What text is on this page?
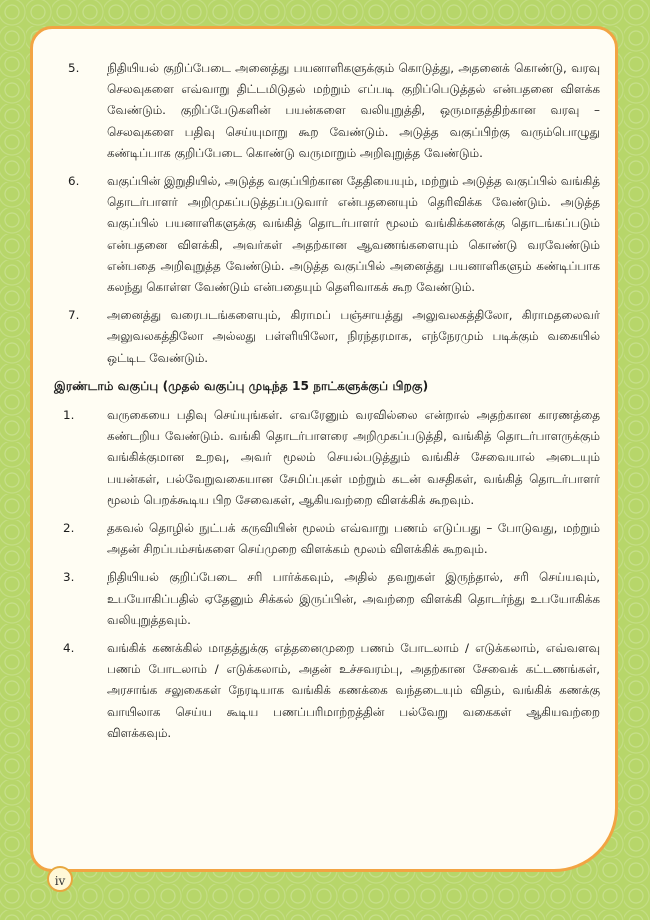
5. நிதியியல் குறிப்பேடை அனைத்து பயனாளிகளுக்கும் கொடுத்து, அதனைக் கொண்டு, வரவு செலவுகளை எவ்வாறு திட்டமிடுதல் மற்றும் எப்படி குறிப்பெடுத்தல் என்பதனை விளக்க வேண்டும். குறிப்பேடுகளின் பயன்களை வலியுறுத்தி, ஒருமாதத்திற்கான வரவு – செலவுகளை பதிவு செய்யுமாறு கூற வேண்டும். அடுத்த வகுப்பிற்கு வரும்பொழுது கண்டிப்பாக குறிப்பேடை கொண்டு வருமாறும் அறிவுறுத்த வேண்டும்.
6. வகுப்பின் இறுதியில், அடுத்த வகுப்பிற்கான தேதியையும், மற்றும் அடுத்த வகுப்பில் வங்கித் தொடர்பாளர் அறிமுகப்படுத்தப்படுவார் என்பதனையும் தெரிவிக்க வேண்டும். அடுத்த வகுப்பில் பயனாளிகளுக்கு வங்கித் தொடர்பாளர் மூலம் வங்கிக்கணக்கு தொடங்கப்படும் என்பதனை விளக்கி, அவர்கள் அதற்கான ஆவணங்களையும் கொண்டு வரவேண்டும் என்பதை அறிவுறுத்த வேண்டும். அடுத்த வகுப்பில் அனைத்து பயனாளிகளும் கண்டிப்பாக கலந்து கொள்ள வேண்டும் என்பதையும் தெளிவாகக் கூற வேண்டும்.
7. அனைத்து வரைபடங்களையும், கிராமப் பஞ்சாயத்து அலுவலகத்திலோ, கிராமதலைவர் அலுவலகத்திலோ அல்லது பள்ளியிலோ, நிரந்தரமாக, எந்நேரமும் படிக்கும் வகையில் ஒட்டிட வேண்டும்.
இரண்டாம் வகுப்பு (முதல் வகுப்பு முடிந்த 15 நாட்களுக்குப் பிறகு)
1.	வருகையை பதிவு செய்யுங்கள். எவரேனும் வரவில்லை என்றால் அதற்கான காரணத்தை கண்டறிய வேண்டும். வங்கி தொடர்பாளரை அறிமுகப்படுத்தி, வங்கித் தொடர்பாளருக்கும் வங்கிக்குமான உறவு, அவர் மூலம் செயல்படுத்தும் வங்கிச் சேவையால் அடையும் பயன்கள், பல்வேறுவகையான சேமிப்புகள் மற்றும் கடன் வசதிகள், வங்கித் தொடர்பாளர் மூலம் பெறக்கூடிய பிற சேவைகள், ஆகியவற்றை விளக்கிக் கூறவும்.
2.	தகவல் தொழில் நுட்பக் கருவியின் மூலம் எவ்வாறு பணம் எடுப்பது – போடுவது, மற்றும் அதன் சிறப்பம்சங்களை செய்முறை விளக்கம் மூலம் விளக்கிக் கூறவும்.
3.	நிதியியல் குறிப்பேடை சரி பார்க்கவும், அதில் தவறுகள் இருந்தால், சரி செய்யவும், உபயோகிப்பதில் ஏதேனும் சிக்கல் இருப்பின், அவற்றை விளக்கி தொடர்ந்து உபயோகிக்க வலியுறுத்தவும்.
4.	வங்கிக் கணக்கில் மாதத்துக்கு எத்தனைமுறை பணம் போடலாம் / எடுக்கலாம், எவ்வளவு பணம் போடலாம் / எடுக்கலாம், அதன் உச்சவரம்பு, அதற்கான சேவைக் கட்டணங்கள், அரசாங்க சலுகைகள் நேரடியாக வங்கிக் கணக்கை வந்தடையும் விதம், வங்கிக் கணக்கு வாயிலாக செய்ய கூடிய பணப்பரிமாற்றத்தின் பல்வேறு வகைகள் ஆகியவற்றை விளக்கவும்.
iv
